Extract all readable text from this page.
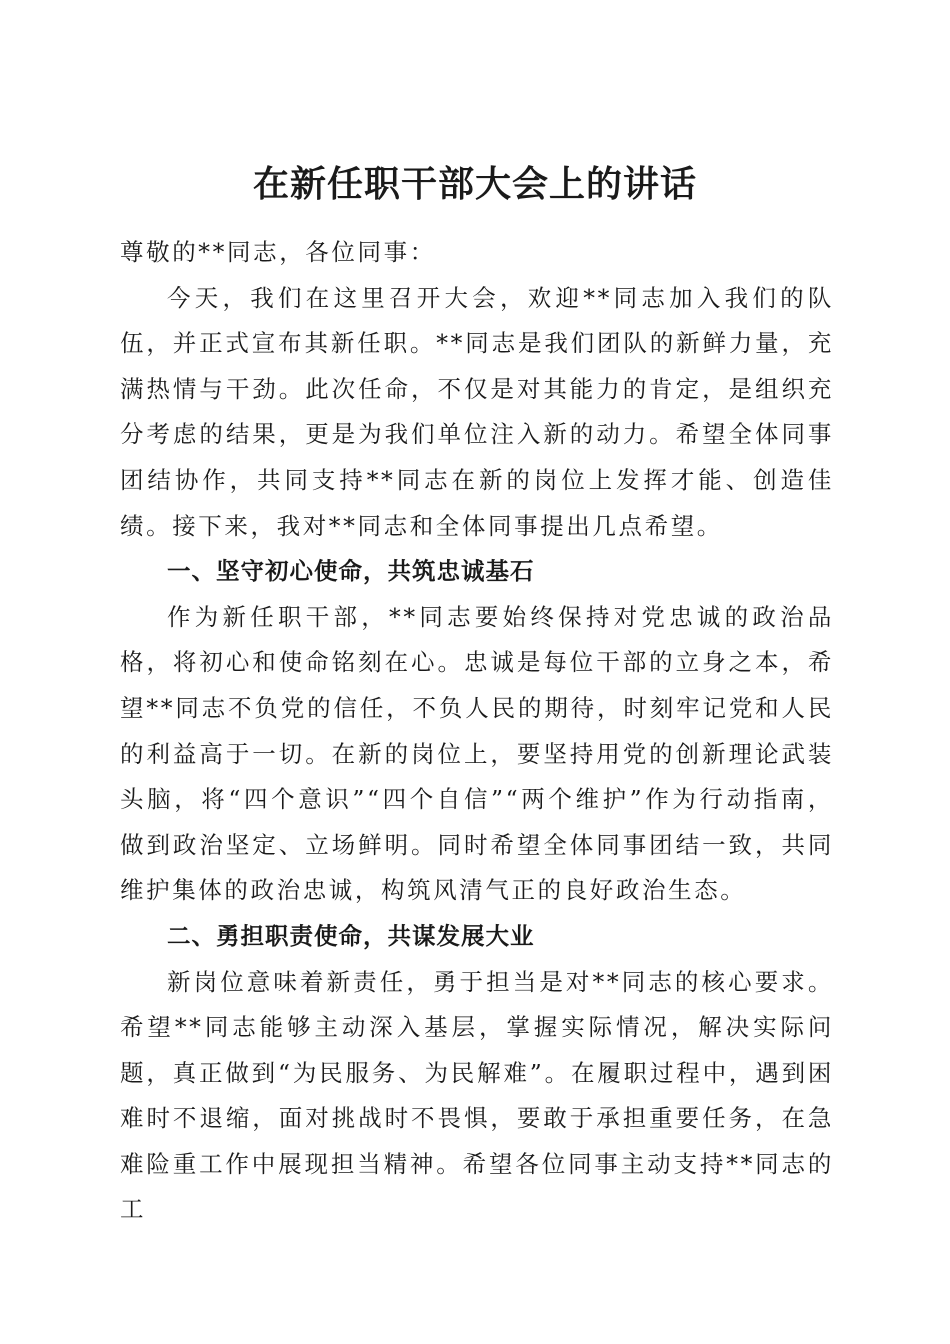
在新任职干部大会上的讲话

尊敬的**同志，各位同事：

今天，我们在这里召开大会，欢迎**同志加入我们的队伍，并正式宣布其新任职。**同志是我们团队的新鲜力量，充满热情与干劲。此次任命，不仅是对其能力的肯定，是组织充分考虑的结果，更是为我们单位注入新的动力。希望全体同事团结协作，共同支持**同志在新的岗位上发挥才能、创造佳绩。接下来，我对**同志和全体同事提出几点希望。

一、坚守初心使命，共筑忠诚基石

作为新任职干部，**同志要始终保持对党忠诚的政治品格，将初心和使命铭刻在心。忠诚是每位干部的立身之本，希望**同志不负党的信任，不负人民的期待，时刻牢记党和人民的利益高于一切。在新的岗位上，要坚持用党的创新理论武装头脑，将“四个意识”“四个自信”“两个维护”作为行动指南，做到政治坚定、立场鲜明。同时希望全体同事团结一致，共同维护集体的政治忠诚，构筑风清气正的良好政治生态。

二、勇担职责使命，共谋发展大业

新岗位意味着新责任，勇于担当是对**同志的核心要求。希望**同志能够主动深入基层，掌握实际情况，解决实际问题，真正做到“为民服务、为民解难”。在履职过程中，遇到困难时不退缩，面对挑战时不畏惧，要敢于承担重要任务，在急难险重工作中展现担当精神。希望各位同事主动支持**同志的工
